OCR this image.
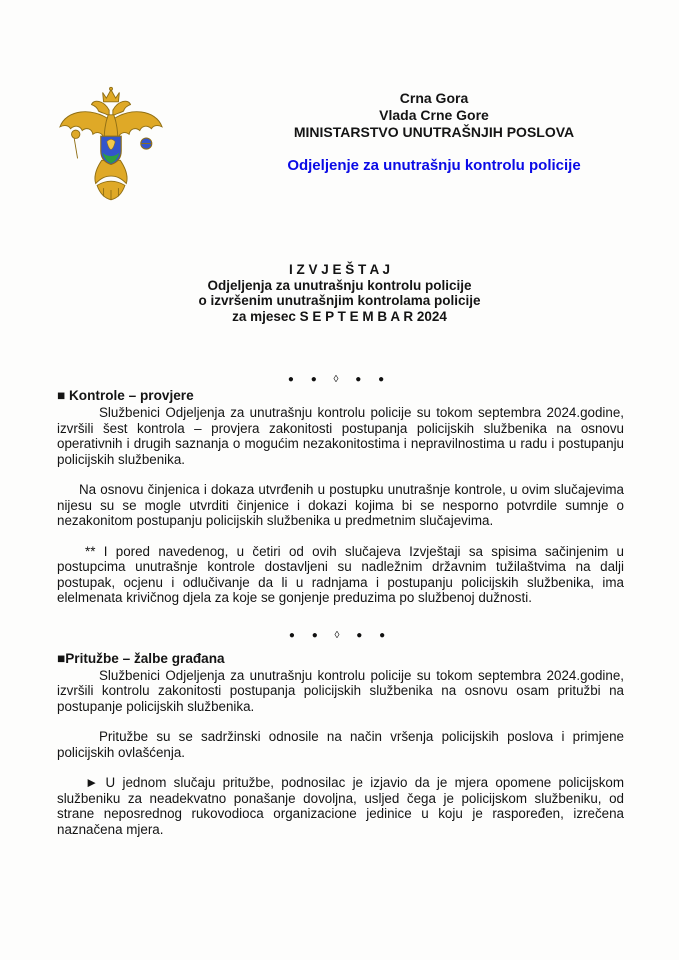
Crna Gora
Vlada Crne Gore
MINISTARSTVO UNUTRAŠNJIH POSLOVA
Odjeljenje za unutrašnju kontrolu policije
I Z V J E Š T A J
Odjeljenja za unutrašnju kontrolu policije
o izvršenim unutrašnjim kontrolama policije
za mjesec S E P T E M B A R 2024
● ● ◊ ● ●
■ Kontrole – provjere

Službenici Odjeljenja za unutrašnju kontrolu policije su tokom septembra 2024.godine, izvršili šest kontrola – provjera zakonitosti postupanja policijskih službenika na osnovu operativnih i drugih saznanja o mogućim nezakonitostima i nepravilnostima u radu i postupanju policijskih službenika.

Na osnovu činjenica i dokaza utvrđenih u postupku unutrašnje kontrole, u ovim slučajevima nijesu su se mogle utvrditi činjenice i dokazi kojima bi se nesporno potvrdile sumnje o nezakonitom postupanju policijskih službenika u predmetnim slučajevima.

** I pored navedenog, u četiri od ovih slučajeva Izvještaji sa spisima sačinjenim u postupcima unutrašnje kontrole dostavljeni su nadležnim državnim tužilaštvima na dalji postupak, ocjenu i odlučivanje da li u radnjama i postupanju policijskih službenika, ima elelmenata krivičnog djela za koje se gonjenje preduzima po službenoj dužnosti.

● ● ◊ ● ●
■Pritužbe – žalbe građana

Službenici Odjeljenja za unutrašnju kontrolu policije su tokom septembra 2024.godine, izvršili kontrolu zakonitosti postupanja policijskih službenika na osnovu osam pritužbi na postupanje policijskih službenika.

Pritužbe su se sadržinski odnosile na način vršenja policijskih poslova i primjene policijskih ovlašćenja.

► U jednom slučaju pritužbe, podnosilac je izjavio da je mjera opomene policijskom službeniku za neadekvatno ponašanje dovoljna, usljed čega je policijskom službeniku, od strane neposrednog rukovodioca organizacione jedinice u koju je raspoređen, izrečena naznačena mjera.
